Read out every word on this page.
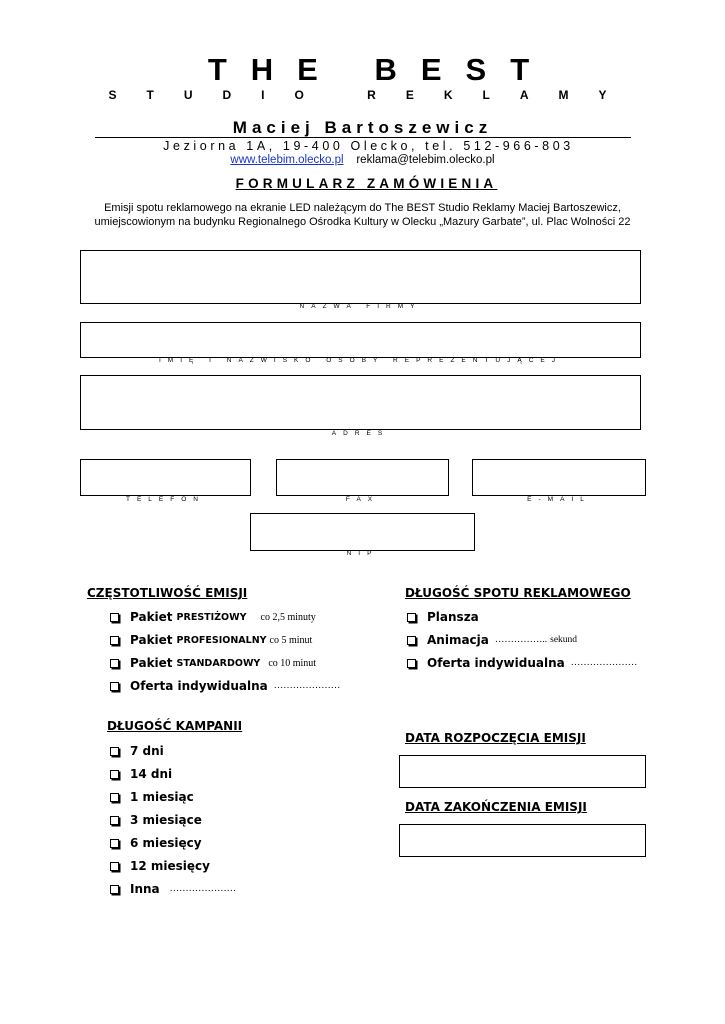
THE BEST
STUDIO REKLAMY
Maciej Bartoszewicz
Jeziorna 1A, 19-400 Olecko, tel. 512-966-803
www.telebim.olecko.pl reklama@telebim.olecko.pl
FORMULARZ ZAMÓWIENIA
Emisji spotu reklamowego na ekranie LED należącym do The BEST Studio Reklamy Maciej Bartoszewicz,
umiejscowionym na budynku Regionalnego Ośrodka Kultury w Olecku „Mazury Garbate”, ul. Plac Wolności 22
NAZWA FIRMY
IMIĘ I NAZWISKO OSOBY REPREZENTUJĄCEJ
ADRES
TELEFON	FAX	E-MAIL
NIP
CZĘSTOTLIWOŚĆ EMISJI
Pakiet PRESTIŻOWY co 2,5 minuty
Pakiet PROFESIONALNY co 5 minut
Pakiet STANDARDOWY co 10 minut
Oferta indywidualna …………………
DŁUGOŚĆ SPOTU REKLAMOWEGO
Plansza
Animacja …………….. sekund
Oferta indywidualna …………………
DŁUGOŚĆ KAMPANII
7 dni
14 dni
1 miesiąc
3 miesiące
6 miesięcy
12 miesięcy
Inna …………………
DATA ROZPOCZĘCIA EMISJI
DATA ZAKOŃCZENIA EMISJI
